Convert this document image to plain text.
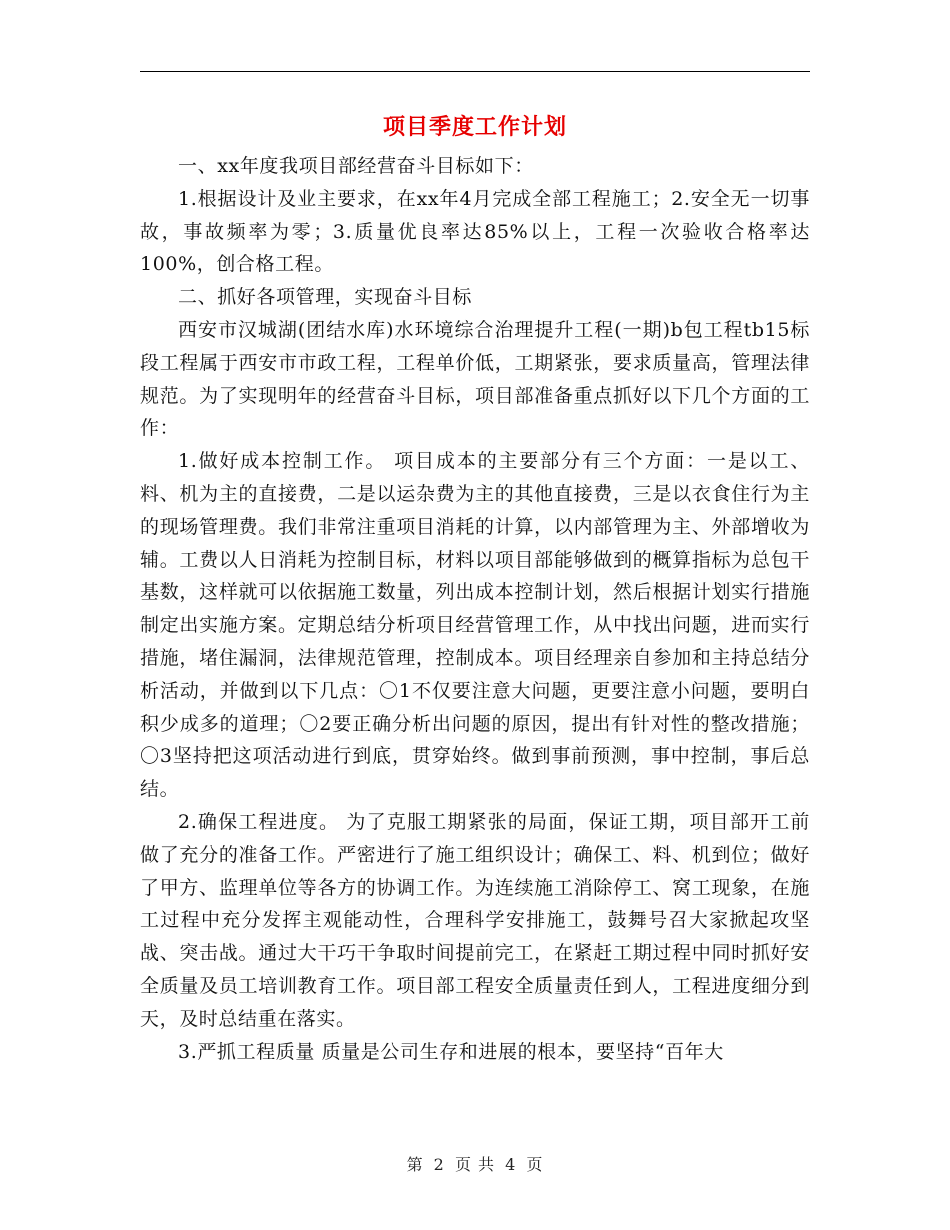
项目季度工作计划

一、xx年度我项目部经营奋斗目标如下：

1.根据设计及业主要求，在xx年4月完成全部工程施工；2.安全无一切事故，事故频率为零；3.质量优良率达85%以上，工程一次验收合格率达100%，创合格工程。

二、抓好各项管理，实现奋斗目标

西安市汉城湖(团结水库)水环境综合治理提升工程(一期)b包工程tb15标段工程属于西安市市政工程，工程单价低，工期紧张，要求质量高，管理法律规范。为了实现明年的经营奋斗目标，项目部准备重点抓好以下几个方面的工作：

1.做好成本控制工作。 项目成本的主要部分有三个方面：一是以工、料、机为主的直接费，二是以运杂费为主的其他直接费，三是以衣食住行为主的现场管理费。我们非常注重项目消耗的计算，以内部管理为主、外部增收为辅。工费以人日消耗为控制目标，材料以项目部能够做到的概算指标为总包干基数，这样就可以依据施工数量，列出成本控制计划，然后根据计划实行措施制定出实施方案。定期总结分析项目经营管理工作，从中找出问题，进而实行措施，堵住漏洞，法律规范管理，控制成本。项目经理亲自参加和主持总结分析活动，并做到以下几点：〇1不仅要注意大问题，更要注意小问题，要明白积少成多的道理；〇2要正确分析出问题的原因，提出有针对性的整改措施；〇3坚持把这项活动进行到底，贯穿始终。做到事前预测，事中控制，事后总结。

2.确保工程进度。 为了克服工期紧张的局面，保证工期，项目部开工前做了充分的准备工作。严密进行了施工组织设计；确保工、料、机到位；做好了甲方、监理单位等各方的协调工作。为连续施工消除停工、窝工现象，在施工过程中充分发挥主观能动性，合理科学安排施工，鼓舞号召大家掀起攻坚战、突击战。通过大干巧干争取时间提前完工，在紧赶工期过程中同时抓好安全质量及员工培训教育工作。项目部工程安全质量责任到人，工程进度细分到天，及时总结重在落实。

3.严抓工程质量 质量是公司生存和进展的根本，要坚持“百年大

第 2 页 共 4 页
